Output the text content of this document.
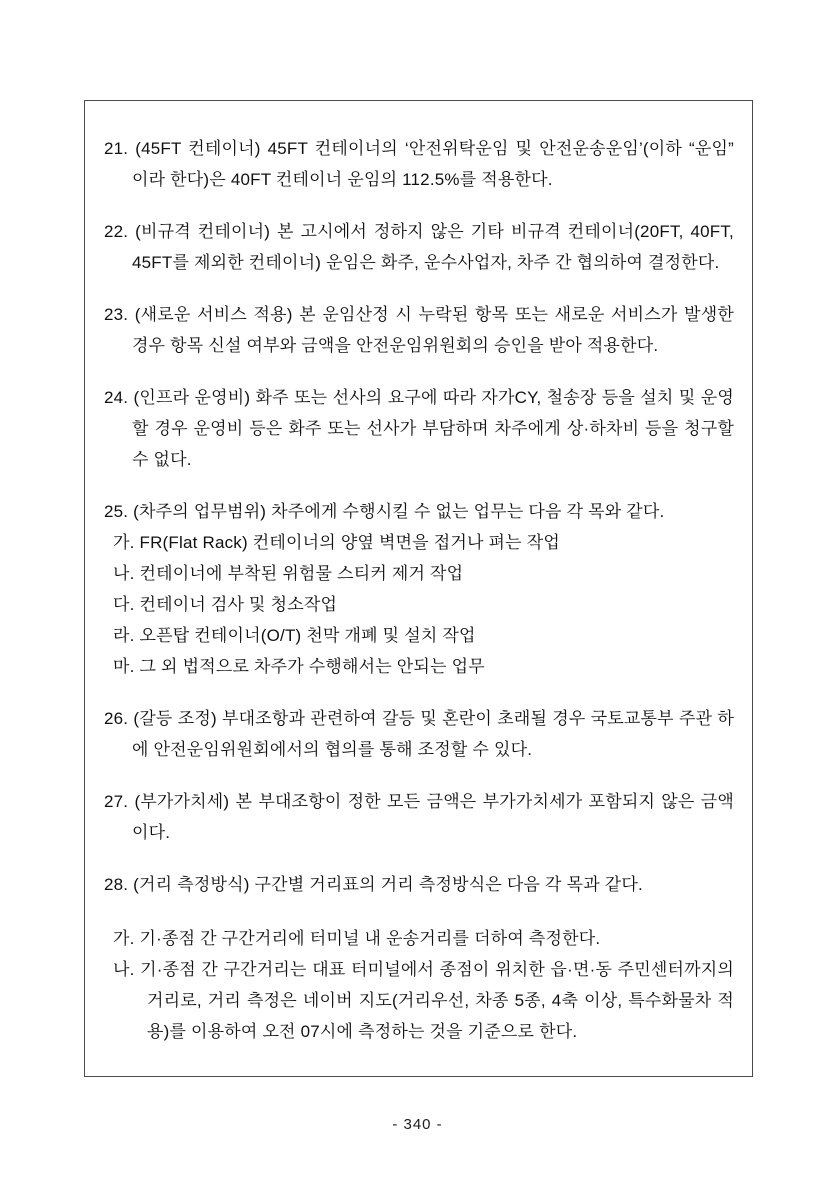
21. (45FT 컨테이너) 45FT 컨테이너의 ‘안전위탁운임 및 안전운송운임’(이하 “운임” 이라 한다)은 40FT 컨테이너 운임의 112.5%를 적용한다.

22. (비규격 컨테이너) 본 고시에서 정하지 않은 기타 비규격 컨테이너(20FT, 40FT, 45FT를 제외한 컨테이너) 운임은 화주, 운수사업자, 차주 간 협의하여 결정한다.

23. (새로운 서비스 적용) 본 운임산정 시 누락된 항목 또는 새로운 서비스가 발생한 경우 항목 신설 여부와 금액을 안전운임위원회의 승인을 받아 적용한다.

24. (인프라 운영비) 화주 또는 선사의 요구에 따라 자가CY, 철송장 등을 설치 및 운영할 경우 운영비 등은 화주 또는 선사가 부담하며 차주에게 상·하차비 등을 청구할 수 없다.

25. (차주의 업무범위) 차주에게 수행시킬 수 없는 업무는 다음 각 목와 같다.

가. FR(Flat Rack) 컨테이너의 양옆 벽면을 접거나 펴는 작업

나. 컨테이너에 부착된 위험물 스티커 제거 작업

다. 컨테이너 검사 및 청소작업

라. 오픈탑 컨테이너(O/T) 천막 개폐 및 설치 작업

마. 그 외 법적으로 차주가 수행해서는 안되는 업무

26. (갈등 조정) 부대조항과 관련하여 갈등 및 혼란이 초래될 경우 국토교통부 주관 하에 안전운임위원회에서의 협의를 통해 조정할 수 있다.

27. (부가가치세) 본 부대조항이 정한 모든 금액은 부가가치세가 포함되지 않은 금액이다.

28. (거리 측정방식) 구간별 거리표의 거리 측정방식은 다음 각 목과 같다.

가. 기·종점 간 구간거리에 터미널 내 운송거리를 더하여 측정한다.

나. 기·종점 간 구간거리는 대표 터미널에서 종점이 위치한 읍·면·동 주민센터까지의 거리로, 거리 측정은 네이버 지도(거리우선, 차종 5종, 4축 이상, 특수화물차 적용)를 이용하여 오전 07시에 측정하는 것을 기준으로 한다.

- 340 -
